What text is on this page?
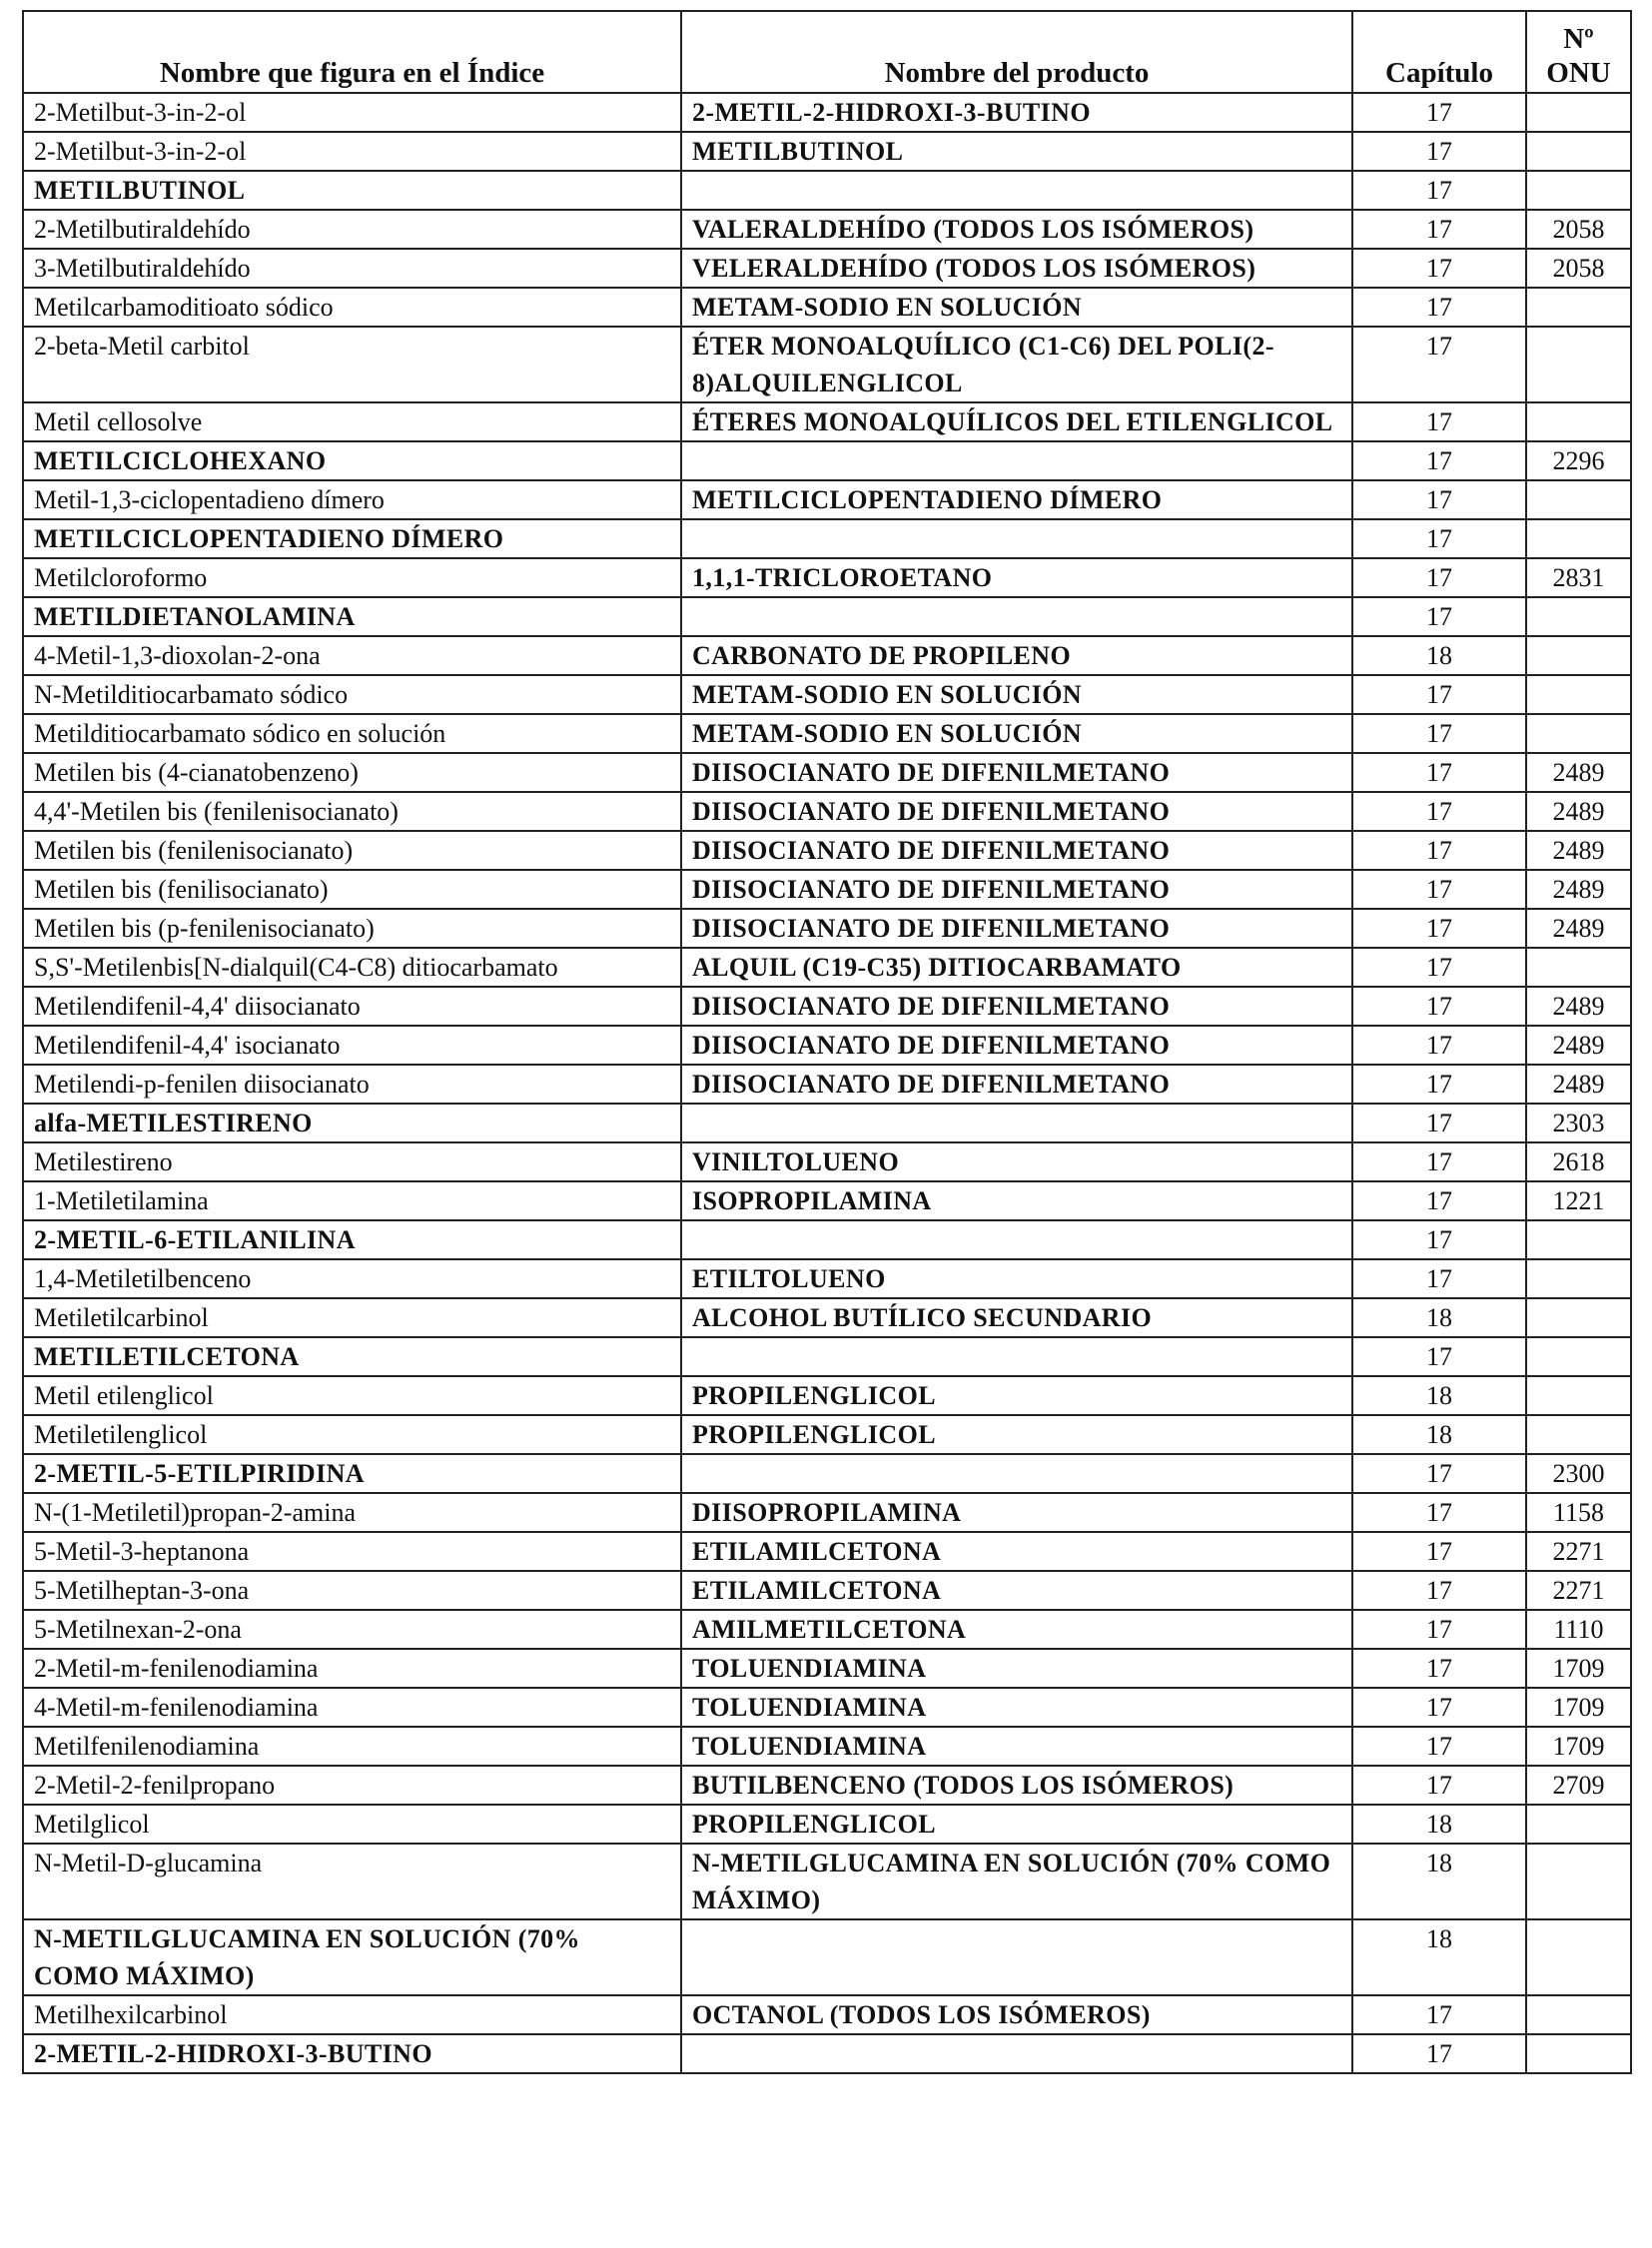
Nombre que figura en el Índice	Nombre del producto	Capítulo	Nº
ONU
2-Metilbut-3-in-2-ol	2-METIL-2-HIDROXI-3-BUTINO	17	
2-Metilbut-3-in-2-ol	METILBUTINOL	17	
METILBUTINOL		17	
2-Metilbutiraldehído	VALERALDEHÍDO (TODOS LOS ISÓMEROS)	17	2058
3-Metilbutiraldehído	VELERALDEHÍDO (TODOS LOS ISÓMEROS)	17	2058
Metilcarbamoditioato sódico	METAM-SODIO EN SOLUCIÓN	17	
2-beta-Metil carbitol	ÉTER MONOALQUÍLICO (C1-C6) DEL POLI(2-8)ALQUILENGLICOL	17	
Metil cellosolve	ÉTERES MONOALQUÍLICOS DEL ETILENGLICOL	17	
METILCICLOHEXANO		17	2296
Metil-1,3-ciclopentadieno dímero	METILCICLOPENTADIENO DÍMERO	17	
METILCICLOPENTADIENO DÍMERO		17	
Metilcloroformo	1,1,1-TRICLOROETANO	17	2831
METILDIETANOLAMINA		17	
4-Metil-1,3-dioxolan-2-ona	CARBONATO DE PROPILENO	18	
N-Metilditiocarbamato sódico	METAM-SODIO EN SOLUCIÓN	17	
Metilditiocarbamato sódico en solución	METAM-SODIO EN SOLUCIÓN	17	
Metilen bis (4-cianatobenzeno)	DIISOCIANATO DE DIFENILMETANO	17	2489
4,4'-Metilen bis (fenilenisocianato)	DIISOCIANATO DE DIFENILMETANO	17	2489
Metilen bis (fenilenisocianato)	DIISOCIANATO DE DIFENILMETANO	17	2489
Metilen bis (fenilisocianato)	DIISOCIANATO DE DIFENILMETANO	17	2489
Metilen bis (p-fenilenisocianato)	DIISOCIANATO DE DIFENILMETANO	17	2489
S,S'-Metilenbis[N-dialquil(C4-C8) ditiocarbamato	ALQUIL (C19-C35) DITIOCARBAMATO	17	
Metilendifenil-4,4' diisocianato	DIISOCIANATO DE DIFENILMETANO	17	2489
Metilendifenil-4,4' isocianato	DIISOCIANATO DE DIFENILMETANO	17	2489
Metilendi-p-fenilen diisocianato	DIISOCIANATO DE DIFENILMETANO	17	2489
alfa-METILESTIRENO		17	2303
Metilestireno	VINILTOLUENO	17	2618
1-Metiletilamina	ISOPROPILAMINA	17	1221
2-METIL-6-ETILANILINA		17	
1,4-Metiletilbenceno	ETILTOLUENO	17	
Metiletilcarbinol	ALCOHOL BUTÍLICO SECUNDARIO	18	
METILETILCETONA		17	
Metil etilenglicol	PROPILENGLICOL	18	
Metiletilenglicol	PROPILENGLICOL	18	
2-METIL-5-ETILPIRIDINA		17	2300
N-(1-Metiletil)propan-2-amina	DIISOPROPILAMINA	17	1158
5-Metil-3-heptanona	ETILAMILCETONA	17	2271
5-Metilheptan-3-ona	ETILAMILCETONA	17	2271
5-Metilnexan-2-ona	AMILMETILCETONA	17	1110
2-Metil-m-fenilenodiamina	TOLUENDIAMINA	17	1709
4-Metil-m-fenilenodiamina	TOLUENDIAMINA	17	1709
Metilfenilenodiamina	TOLUENDIAMINA	17	1709
2-Metil-2-fenilpropano	BUTILBENCENO (TODOS LOS ISÓMEROS)	17	2709
Metilglicol	PROPILENGLICOL	18	
N-Metil-D-glucamina	N-METILGLUCAMINA EN SOLUCIÓN (70% COMO MÁXIMO)	18	
N-METILGLUCAMINA EN SOLUCIÓN (70% COMO MÁXIMO)		18	
Metilhexilcarbinol	OCTANOL (TODOS LOS ISÓMEROS)	17	
2-METIL-2-HIDROXI-3-BUTINO		17	
